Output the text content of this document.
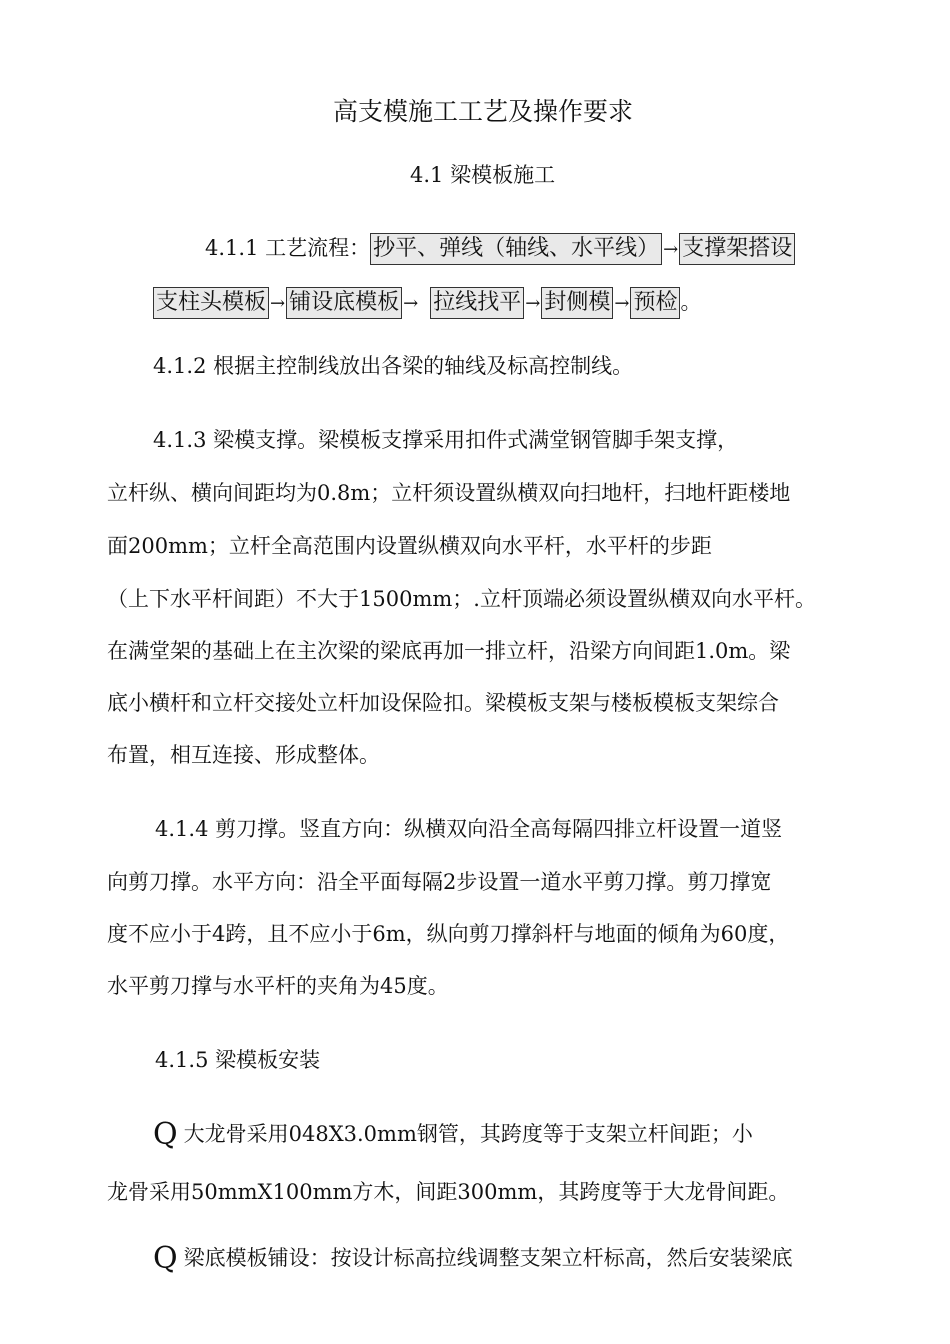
高支模施工工艺及操作要求
4.1 梁模板施工
4.1.1 工艺流程： 抄平、弹线（轴线、水平线） → 支撑架搭设
支柱头模板 → 铺设底模板 → 拉线找平 → 封侧模 → 预检 。
4.1.2 根据主控制线放出各梁的轴线及标高控制线。
4.1.3 梁模支撑。梁模板支撑采用扣件式满堂钢管脚手架支撑，
立杆纵、横向间距均为0.8m；立杆须设置纵横双向扫地杆，扫地杆距楼地
面200mm；立杆全高范围内设置纵横双向水平杆，水平杆的步距
（上下水平杆间距）不大于1500mm；.立杆顶端必须设置纵横双向水平杆。
在满堂架的基础上在主次梁的梁底再加一排立杆，沿梁方向间距1.0m。梁
底小横杆和立杆交接处立杆加设保险扣。梁模板支架与楼板模板支架综合
布置，相互连接、形成整体。
4.1.4 剪刀撑。竖直方向：纵横双向沿全高每隔四排立杆设置一道竖
向剪刀撑。水平方向：沿全平面每隔2步设置一道水平剪刀撑。剪刀撑宽
度不应小于4跨，且不应小于6m，纵向剪刀撑斜杆与地面的倾角为60度，
水平剪刀撑与水平杆的夹角为45度。
4.1.5 梁模板安装
Q 大龙骨采用048X3.0mm钢管，其跨度等于支架立杆间距；小
龙骨采用50mmX100mm方木，间距300mm，其跨度等于大龙骨间距。
Q 梁底模板铺设：按设计标高拉线调整支架立杆标高，然后安装梁底
